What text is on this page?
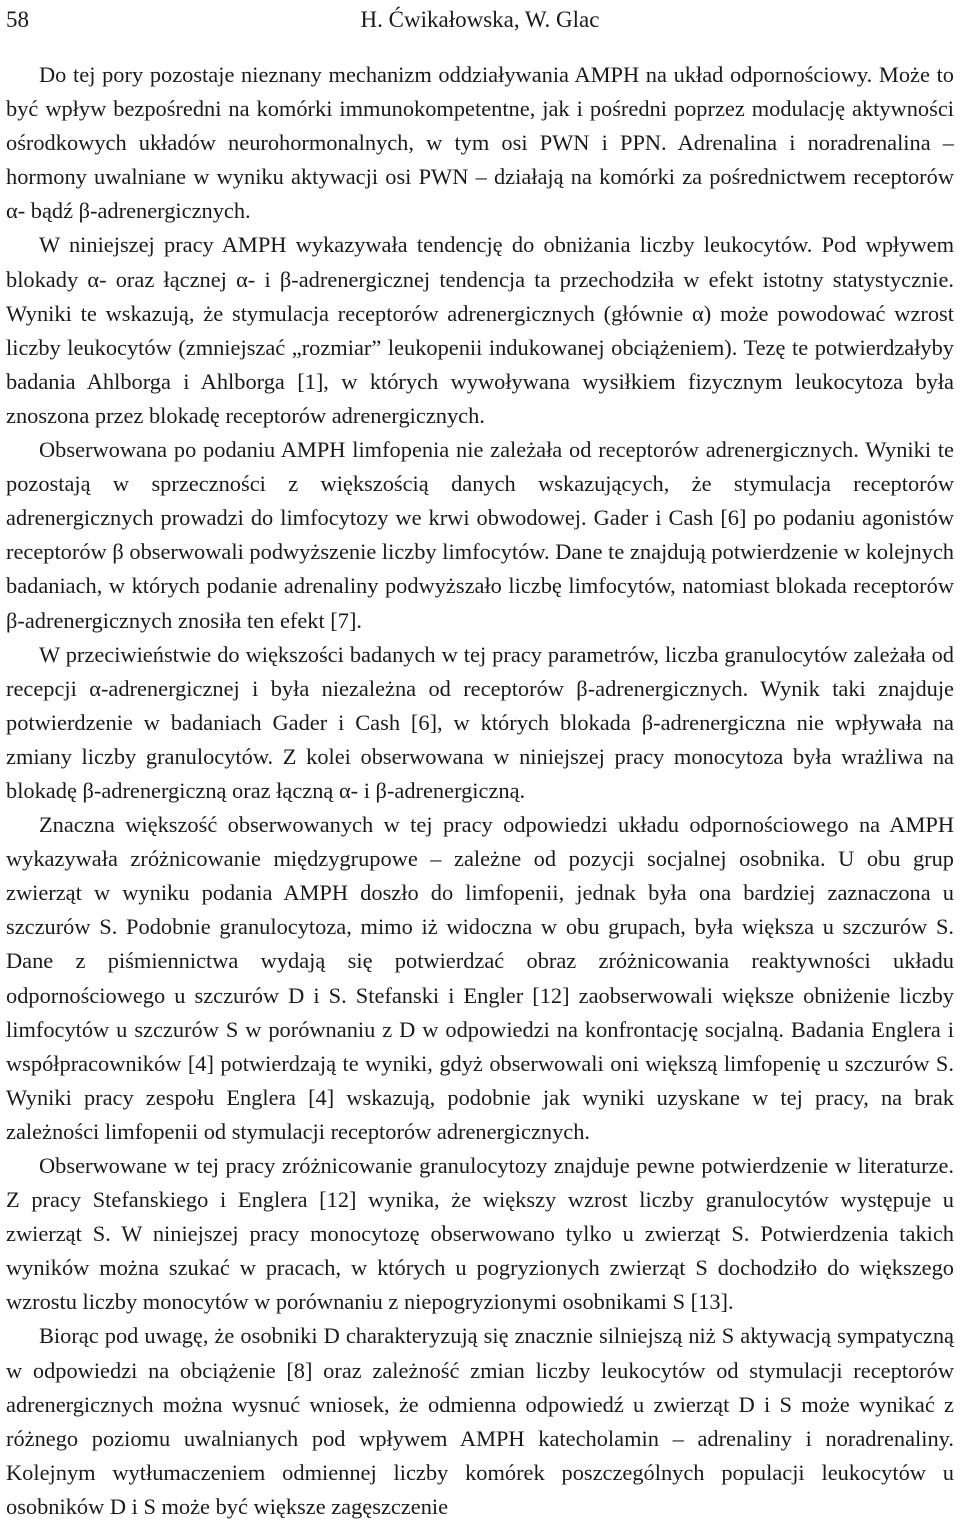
58	H. Ćwikałowska, W. Glac

Do tej pory pozostaje nieznany mechanizm oddziaływania AMPH na układ odpornościowy. Może to być wpływ bezpośredni na komórki immunokompetentne, jak i pośredni poprzez modulację aktywności ośrodkowych układów neurohormonalnych, w tym osi PWN i PPN. Adrenalina i noradrenalina – hormony uwalniane w wyniku aktywacji osi PWN – działają na komórki za pośrednictwem receptorów α- bądź β-adrenergicznych.

W niniejszej pracy AMPH wykazywała tendencję do obniżania liczby leukocytów. Pod wpływem blokady α- oraz łącznej α- i β-adrenergicznej tendencja ta przechodziła w efekt istotny statystycznie. Wyniki te wskazują, że stymulacja receptorów adrenergicznych (głównie α) może powodować wzrost liczby leukocytów (zmniejszać „rozmiar” leukopenii indukowanej obciążeniem). Tezę te potwierdzałyby badania Ahlborga i Ahlborga [1], w których wywoływana wysiłkiem fizycznym leukocytoza była znoszona przez blokadę receptorów adrenergicznych.

Obserwowana po podaniu AMPH limfopenia nie zależała od receptorów adrenergicznych. Wyniki te pozostają w sprzeczności z większością danych wskazujących, że stymulacja receptorów adrenergicznych prowadzi do limfocytozy we krwi obwodowej. Gader i Cash [6] po podaniu agonistów receptorów β obserwowali podwyższenie liczby limfocytów. Dane te znajdują potwierdzenie w kolejnych badaniach, w których podanie adrenaliny podwyższało liczbę limfocytów, natomiast blokada receptorów β-adrenergicznych znosiła ten efekt [7].

W przeciwieństwie do większości badanych w tej pracy parametrów, liczba granulocytów zależała od recepcji α-adrenergicznej i była niezależna od receptorów β-adrenergicznych. Wynik taki znajduje potwierdzenie w badaniach Gader i Cash [6], w których blokada β-adrenergiczna nie wpływała na zmiany liczby granulocytów. Z kolei obserwowana w niniejszej pracy monocytoza była wrażliwa na blokadę β-adrenergiczną oraz łączną α- i β-adrenergiczną.

Znaczna większość obserwowanych w tej pracy odpowiedzi układu odpornościowego na AMPH wykazywała zróżnicowanie międzygrupowe – zależne od pozycji socjalnej osobnika. U obu grup zwierząt w wyniku podania AMPH doszło do limfopenii, jednak była ona bardziej zaznaczona u szczurów S. Podobnie granulocytoza, mimo iż widoczna w obu grupach, była większa u szczurów S. Dane z piśmiennictwa wydają się potwierdzać obraz zróżnicowania reaktywności układu odpornościowego u szczurów D i S. Stefanski i Engler [12] zaobserwowali większe obniżenie liczby limfocytów u szczurów S w porównaniu z D w odpowiedzi na konfrontację socjalną. Badania Englera i współpracowników [4] potwierdzają te wyniki, gdyż obserwowali oni większą limfopenię u szczurów S. Wyniki pracy zespołu Englera [4] wskazują, podobnie jak wyniki uzyskane w tej pracy, na brak zależności limfopenii od stymulacji receptorów adrenergicznych.

Obserwowane w tej pracy zróżnicowanie granulocytozy znajduje pewne potwierdzenie w literaturze. Z pracy Stefanskiego i Englera [12] wynika, że większy wzrost liczby granulocytów występuje u zwierząt S. W niniejszej pracy monocytozę obserwowano tylko u zwierząt S. Potwierdzenia takich wyników można szukać w pracach, w których u pogryzionych zwierząt S dochodziło do większego wzrostu liczby monocytów w porównaniu z niepogryzionymi osobnikami S [13].

Biorąc pod uwagę, że osobniki D charakteryzują się znacznie silniejszą niż S aktywacją sympatyczną w odpowiedzi na obciążenie [8] oraz zależność zmian liczby leukocytów od stymulacji receptorów adrenergicznych można wysnuć wniosek, że odmienna odpowiedź u zwierząt D i S może wynikać z różnego poziomu uwalnianych pod wpływem AMPH katecholamin – adrenaliny i noradrenaliny. Kolejnym wytłumaczeniem odmiennej liczby komórek poszczególnych populacji leukocytów u osobników D i S może być większe zagęszczenie
